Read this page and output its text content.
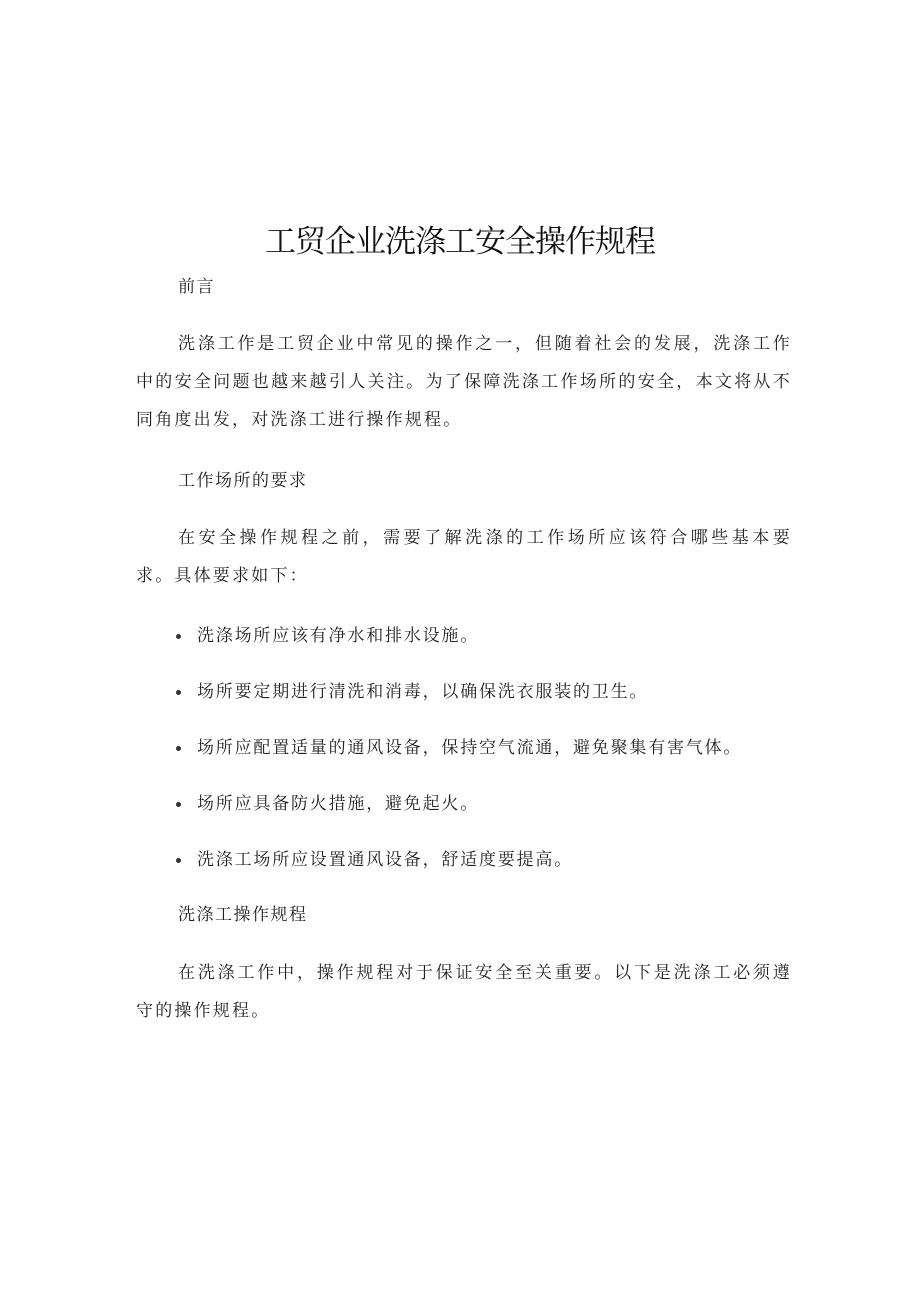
工贸企业洗涤工安全操作规程

前言

洗涤工作是工贸企业中常见的操作之一，但随着社会的发展，洗涤工作中的安全问题也越来越引人关注。为了保障洗涤工作场所的安全，本文将从不同角度出发，对洗涤工进行操作规程。

工作场所的要求

在安全操作规程之前，需要了解洗涤的工作场所应该符合哪些基本要求。具体要求如下：

洗涤场所应该有净水和排水设施。
场所要定期进行清洗和消毒，以确保洗衣服装的卫生。
场所应配置适量的通风设备，保持空气流通，避免聚集有害气体。
场所应具备防火措施，避免起火。
洗涤工场所应设置通风设备，舒适度要提高。

洗涤工操作规程

在洗涤工作中，操作规程对于保证安全至关重要。以下是洗涤工必须遵守的操作规程。
